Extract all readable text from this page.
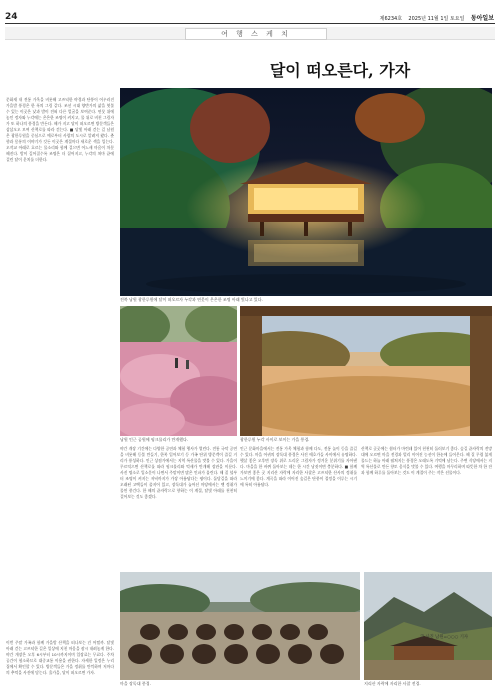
24	제6234호 2025년 11월 1일 토요일 동아일보
여 행 스 케 치
달이 떠오른다, 가자

문화재 내 전통 가옥을 비롯해 고즈넉한 야경과 단풍이 어우러진 가을밤 풍경은 한 폭의 그림 같다. 조선 시대 양반가의 삶을 엿볼 수 있는 이곳은 낮과 밤이 전혀 다른 얼굴을 보여준다. 연못 위에 놓인 정자와 누각에는 은은한 조명이 켜지고, 물 위로 비친 그림자가 또 하나의 풍경을 만든다. 해가 지고 달이 떠오르면 방문객들은 삼삼오오 모여 산책로를 따라 걷는다. ■ 달빛 아래 걷는 길 남원은 광한루원을 중심으로 예로부터 사랑의 도시로 알려져 왔다. 춘향과 몽룡의 이야기가 깃든 이곳은 계절마다 새로운 색을 입는다. 오작교 아래로 흐르는 물소리와 함께 걸으면 어느새 마음이 차분해진다. 밤이 깊어질수록 조명은 더 짙어지고, 누각의 처마 끝에 걸린 달이 운치를 더한다.

전북 남원 광한루원에 달이 떠오르자 누각과 연못이 은은한 조명 아래 빛나고 있다.
남원 인근 공원에 핑크뮬리가 만개했다.	광한루원 누각 사이로 보이는 가을 풍경.

야간 개장 기간에는 다양한 공연과 체험 행사가 열린다. 전통 국악 공연을 비롯해 등불 만들기, 한복 입어보기 등 가족 단위 방문객이 즐길 거리가 풍성하다. 인근 상점가에서는 지역 특산물을 맛볼 수 있다. 가을이 무르익으면 산책로를 따라 핑크뮬리와 억새가 만개해 장관을 이룬다. 사진 명소로 입소문이 나면서 주말이면 많은 인파가 몰린다. 해 질 녘부터 조명이 켜지는 저녁까지가 가장 아름답다는 평이다. 돌담길을 따라 오래된 고택들이 줄지어 있고, 장독대가 늘어선 마당에서는 옛 정취가 물씬 풍긴다. 한 해의 끝자락으로 향하는 이 계절, 달빛 아래를 천천히 걸어보는 것도 좋겠다.

인근 문화마을에서는 전통 가옥 체험과 함께 다도, 전통 놀이 등을 즐길 수 있다. 마을 어귀의 장독대 풍경은 사진 애호가들 사이에서 유명하다. 햇살 좋은 오후면 장독 위로 드리운 그림자가 정겨운 분위기를 자아낸다. 마을을 한 바퀴 돌아보는 데는 한 시간 남짓이면 충분하다. ■ 함께 가보면 좋은 곳 지리산 자락에 자리한 사찰은 고즈넉한 산사의 정취를 느끼기에 좋다. 계곡을 따라 이어진 숲길은 단풍이 절정을 이루는 시기에 특히 아름답다.

산책로 곳곳에는 쉼터가 마련돼 있어 천천히 둘러보기 좋다. 숲길 끝자락의 전망대에 오르면 마을 전경과 멀리 이어진 능선이 한눈에 들어온다. 해 질 무렵 붉게 물드는 하늘 아래 펼쳐지는 풍경은 오래도록 기억에 남는다. 주변 식당에서는 지역 특산물로 만든 향토 음식을 맛볼 수 있다. 여행을 마무리하며 따뜻한 차 한 잔과 함께 하루를 돌아보는 것도 이 계절이 주는 작은 선물이다.

이번 주말 가족과 함께 가을밤 산책을 떠나보는 건 어떨까. 달빛 아래 걷는 고즈넉한 길은 일상에 지친 마음을 잠시 내려놓게 한다. 야간 개장은 오후 6시부터 10시까지이며 입장료는 무료다. 주차 공간이 협소하므로 대중교통 이용을 권한다. 자세한 일정은 누리집에서 확인할 수 있다. 방문객들은 가을 정취를 만끽하며 저마다의 추억을 사진에 담는다. 올가을, 달이 떠오르면 가자.

마을 장독대 풍경.	지리산 자락에 자리한 사찰 전경.
글·사진 남원=○○○ 기자
